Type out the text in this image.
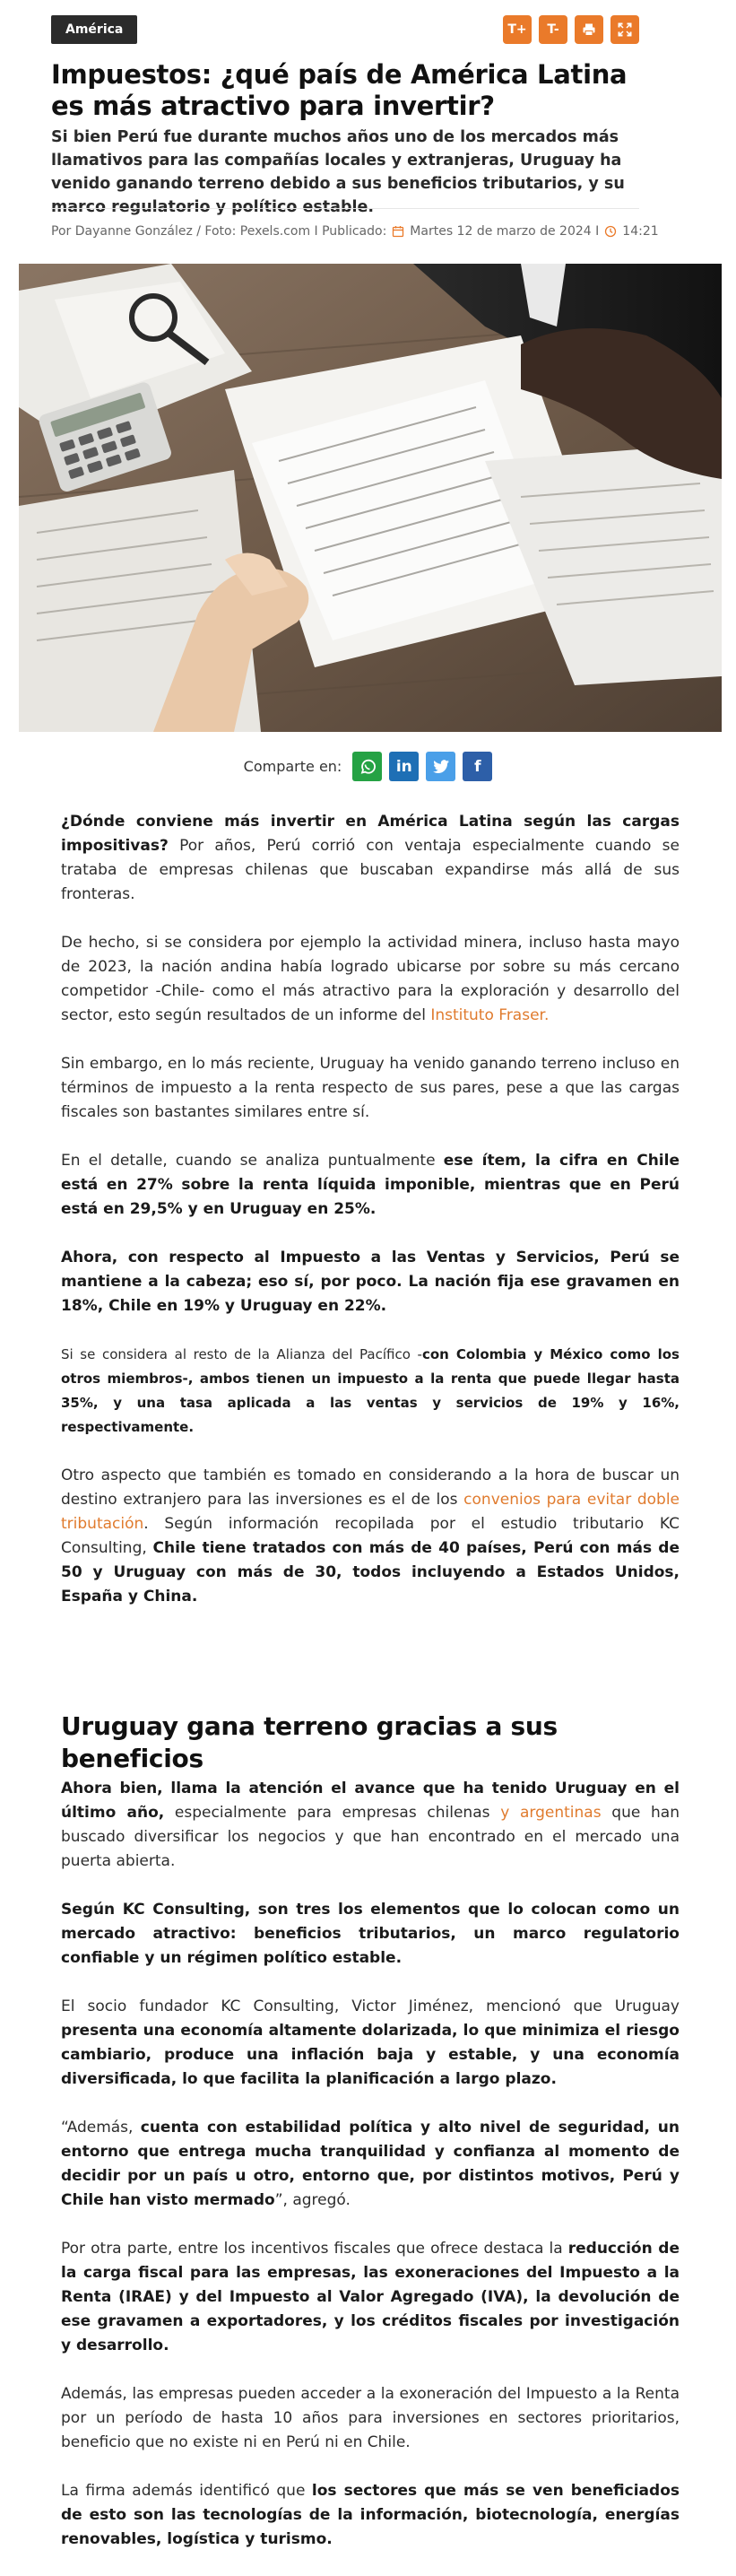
América	T+	T-
Impuestos: ¿qué país de América Latina es más atractivo para invertir?

Si bien Perú fue durante muchos años uno de los mercados más llamativos para las compañías locales y extranjeras, Uruguay ha venido ganando terreno debido a sus beneficios tributarios, y su marco regulatorio y político estable.

Por Dayanne González / Foto: Pexels.com I Publicado: Martes 12 de marzo de 2024 I 14:21
Comparte en:	in	f

¿Dónde conviene más invertir en América Latina según las cargas impositivas? Por años, Perú corrió con ventaja especialmente cuando se trataba de empresas chilenas que buscaban expandirse más allá de sus fronteras.

De hecho, si se considera por ejemplo la actividad minera, incluso hasta mayo de 2023, la nación andina había logrado ubicarse por sobre su más cercano competidor -Chile- como el más atractivo para la exploración y desarrollo del sector, esto según resultados de un informe del Instituto Fraser.

Sin embargo, en lo más reciente, Uruguay ha venido ganando terreno incluso en términos de impuesto a la renta respecto de sus pares, pese a que las cargas fiscales son bastantes similares entre sí.

En el detalle, cuando se analiza puntualmente ese ítem, la cifra en Chile está en 27% sobre la renta líquida imponible, mientras que en Perú está en 29,5% y en Uruguay en 25%.

Ahora, con respecto al Impuesto a las Ventas y Servicios, Perú se mantiene a la cabeza; eso sí, por poco. La nación fija ese gravamen en 18%, Chile en 19% y Uruguay en 22%.

Si se considera al resto de la Alianza del Pacífico -con Colombia y México como los otros miembros-, ambos tienen un impuesto a la renta que puede llegar hasta 35%, y una tasa aplicada a las ventas y servicios de 19% y 16%, respectivamente.

Otro aspecto que también es tomado en considerando a la hora de buscar un destino extranjero para las inversiones es el de los convenios para evitar doble tributación. Según información recopilada por el estudio tributario KC Consulting, Chile tiene tratados con más de 40 países, Perú con más de 50 y Uruguay con más de 30, todos incluyendo a Estados Unidos, España y China.

Uruguay gana terreno gracias a sus beneficios

Ahora bien, llama la atención el avance que ha tenido Uruguay en el último año, especialmente para empresas chilenas y argentinas que han buscado diversificar los negocios y que han encontrado en el mercado una puerta abierta.

Según KC Consulting, son tres los elementos que lo colocan como un mercado atractivo: beneficios tributarios, un marco regulatorio confiable y un régimen político estable.

El socio fundador KC Consulting, Victor Jiménez, mencionó que Uruguay presenta una economía altamente dolarizada, lo que minimiza el riesgo cambiario, produce una inflación baja y estable, y una economía diversificada, lo que facilita la planificación a largo plazo.

“Además, cuenta con estabilidad política y alto nivel de seguridad, un entorno que entrega mucha tranquilidad y confianza al momento de decidir por un país u otro, entorno que, por distintos motivos, Perú y Chile han visto mermado”, agregó.

Por otra parte, entre los incentivos fiscales que ofrece destaca la reducción de la carga fiscal para las empresas, las exoneraciones del Impuesto a la Renta (IRAE) y del Impuesto al Valor Agregado (IVA), la devolución de ese gravamen a exportadores, y los créditos fiscales por investigación y desarrollo.

Además, las empresas pueden acceder a la exoneración del Impuesto a la Renta por un período de hasta 10 años para inversiones en sectores prioritarios, beneficio que no existe ni en Perú ni en Chile.

La firma además identificó que los sectores que más se ven beneficiados de esto son las tecnologías de la información, biotecnología, energías renovables, logística y turismo.
